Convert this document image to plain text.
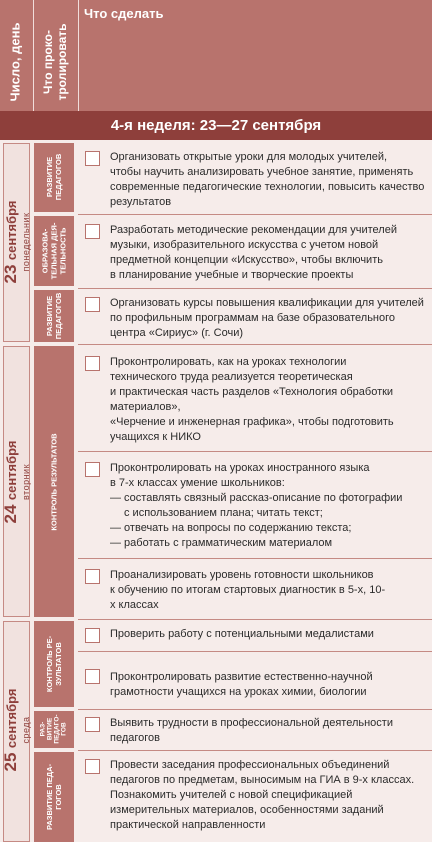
Число, день Что проко- тролировать
Что сделать
4-я неделя: 23—27 сентября
23 сентября понедельник
24 сентября вторник
25 сентября среда
РАЗВИТИЕ ПЕДАГОГОВ
ОБРАЗОВА- ТЕЛЬНАЯ ДЕЯ- ТЕЛЬНОСТЬ
РАЗВИТИЕ ПЕДАГОГОВ
КОНТРОЛЬ РЕЗУЛЬТАТОВ
КОНТРОЛЬ РЕ- ЗУЛЬТАТОВ
РАЗ- ВИТИЕ ПЕДАГО- ГОВ
РАЗВИТИЕ ПЕДА- ГОГОВ
Организовать открытые уроки для молодых учителей,
чтобы научить анализировать учебное занятие, применять
современные педагогические технологии, повысить качество
результатов
Разработать методические рекомендации для учителей
музыки, изобразительного искусства с учетом новой
предметной концепции «Искусство», чтобы включить
в планирование учебные и творческие проекты
Организовать курсы повышения квалификации для учителей
по профильным программам на базе образовательного
центра «Сириус» (г. Сочи)
Проконтролировать, как на уроках технологии
технического труда реализуется теоретическая
и практическая часть разделов «Технология обработки
материалов»,
«Черчение и инженерная графика», чтобы подготовить
учащихся к НИКО
Проконтролировать на уроках иностранного языка
в 7-х классах умение школьников:
— составлять связный рассказ-описание по фотографии
с использованием плана; читать текст;
— отвечать на вопросы по содержанию текста;
— работать с грамматическим материалом
Проанализировать уровень готовности школьников
к обучению по итогам стартовых диагностик в 5-х, 10-
х классах
Проверить работу с потенциальными медалистами
Проконтролировать развитие естественно-научной
грамотности учащихся на уроках химии, биологии
Выявить трудности в профессиональной деятельности
педагогов
Провести заседания профессиональных объединений
педагогов по предметам, выносимым на ГИА в 9-х классах.
Познакомить учителей с новой спецификацией
измерительных материалов, особенностями заданий
практической направленности
